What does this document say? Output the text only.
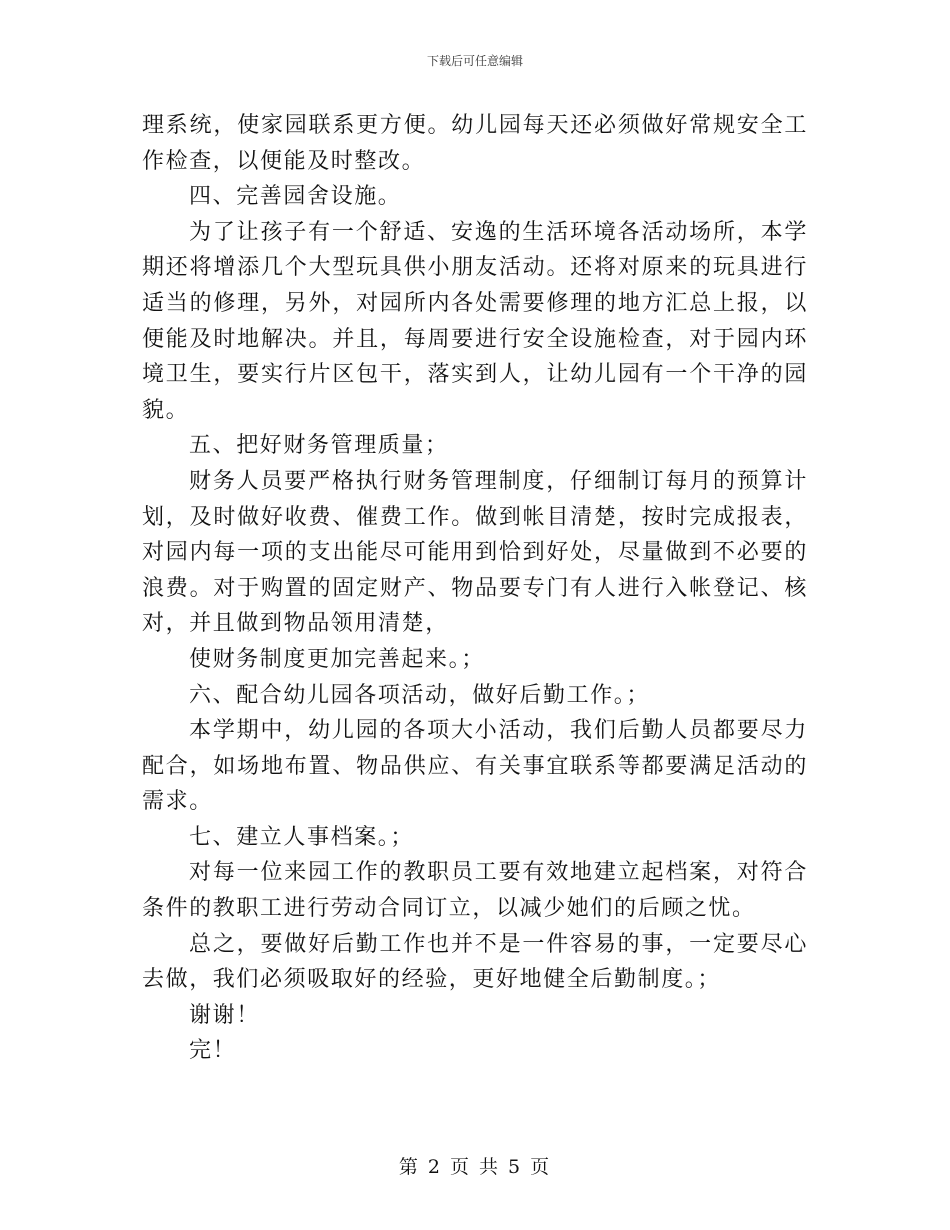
下载后可任意编辑

理系统，使家园联系更方便。幼儿园每天还必须做好常规安全工作检查，以便能及时整改。

四、完善园舍设施。

为了让孩子有一个舒适、安逸的生活环境各活动场所，本学期还将增添几个大型玩具供小朋友活动。还将对原来的玩具进行适当的修理，另外，对园所内各处需要修理的地方汇总上报，以便能及时地解决。并且，每周要进行安全设施检查，对于园内环境卫生，要实行片区包干，落实到人，让幼儿园有一个干净的园貌。

五、把好财务管理质量；

财务人员要严格执行财务管理制度，仔细制订每月的预算计划，及时做好收费、催费工作。做到帐目清楚，按时完成报表，对园内每一项的支出能尽可能用到恰到好处，尽量做到不必要的浪费。对于购置的固定财产、物品要专门有人进行入帐登记、核对，并且做到物品领用清楚，

使财务制度更加完善起来。；

六、配合幼儿园各项活动，做好后勤工作。；

本学期中，幼儿园的各项大小活动，我们后勤人员都要尽力配合，如场地布置、物品供应、有关事宜联系等都要满足活动的需求。

七、建立人事档案。；

对每一位来园工作的教职员工要有效地建立起档案，对符合条件的教职工进行劳动合同订立，以减少她们的后顾之忧。

总之，要做好后勤工作也并不是一件容易的事，一定要尽心去做，我们必须吸取好的经验，更好地健全后勤制度。；

谢谢！

完！

第 2 页 共 5 页
